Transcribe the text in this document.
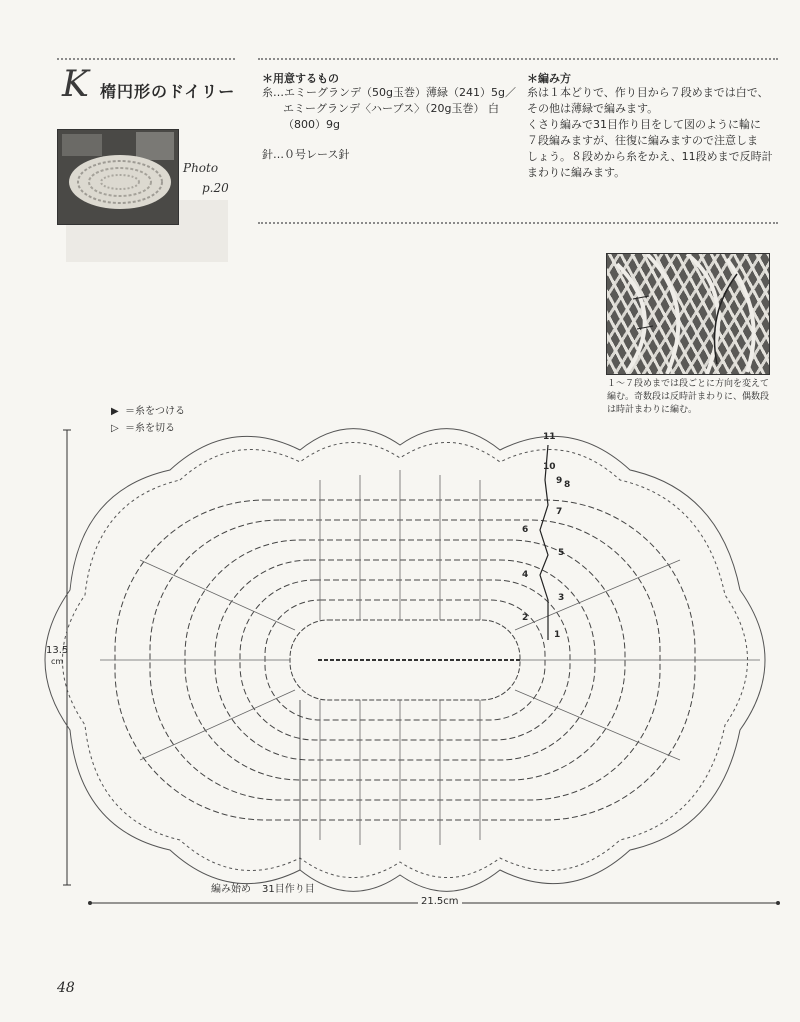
K 楕円形のドイリー
Photo
p.20
＊用意するもの
糸…エミーグランデ（50g玉巻）薄緑（241）5g／
エミーグランデ〈ハーブス〉（20g玉巻） 白
（800）9g
針…０号レース針
＊編み方
糸は１本どりで、作り目から７段めまでは白で、
その他は薄緑で編みます。
くさり編みで31目作り目をして図のように輪に
７段編みますが、往復に編みますので注意しま
しょう。８段めから糸をかえ、11段めまで反時計
まわりに編みます。
１～７段めまでは段ごとに方向を変えて
編む。奇数段は反時計まわりに、偶数段
は時計まわりに編む。
▶ ＝糸をつける
▷ ＝糸を切る
1
2
3
4
5
6
7
8
9
10
11
13.5
cm
21.5cm
編み始め 31目作り目
48
